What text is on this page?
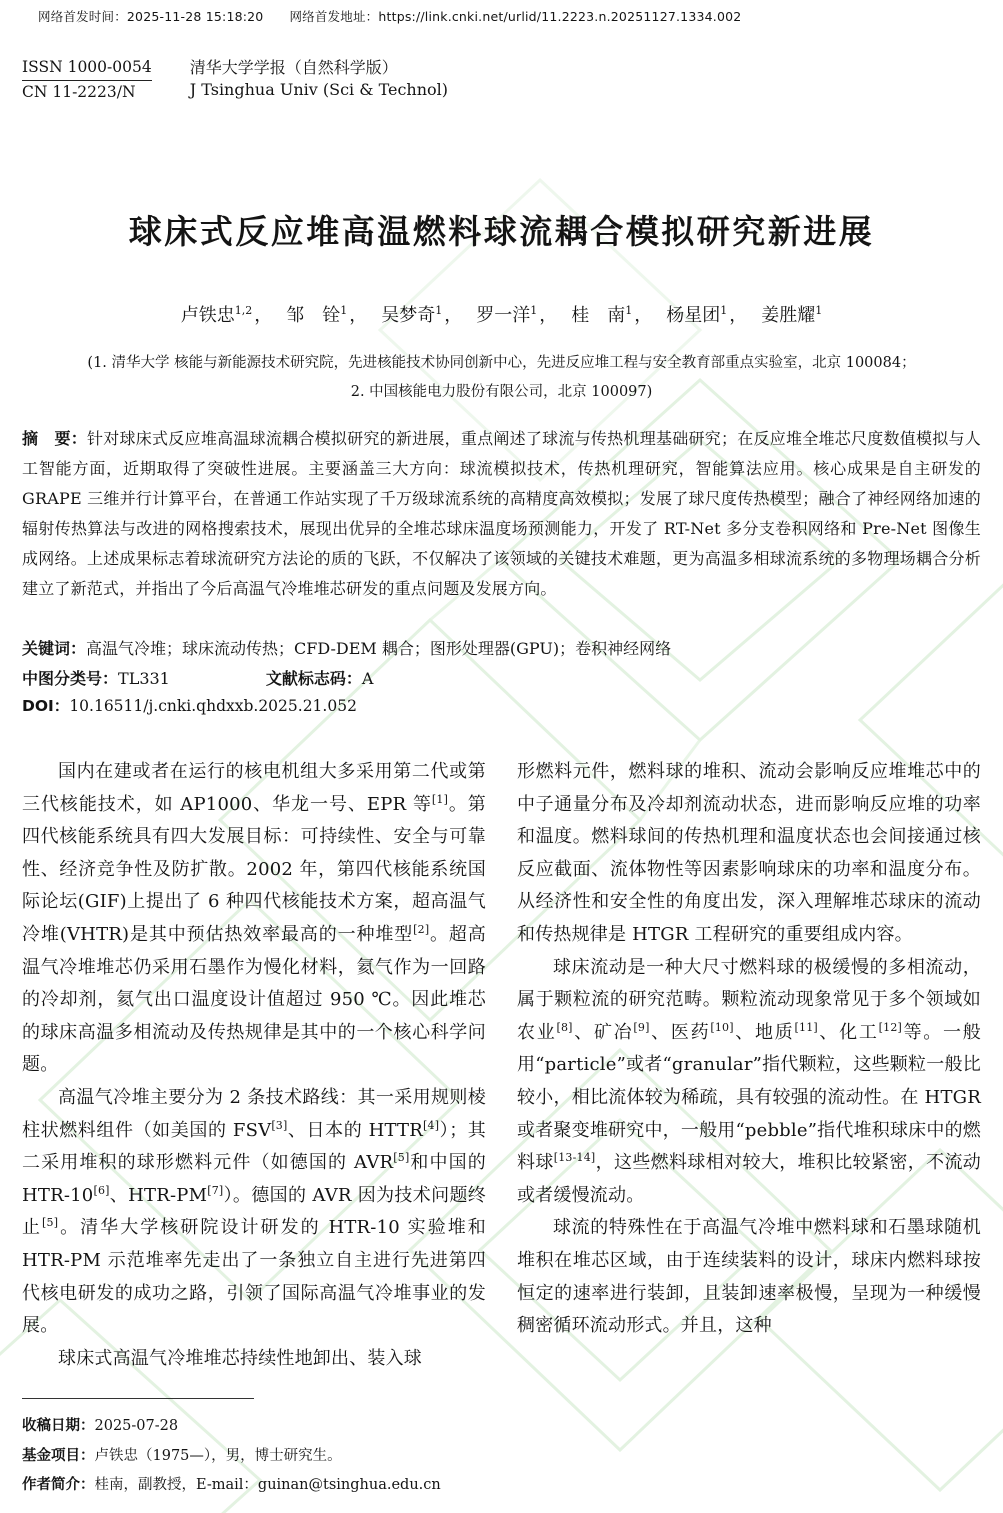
网络首发时间：2025-11-28 15:18:20 网络首发地址：https://link.cnki.net/urlid/11.2223.n.20251127.1334.002
ISSN 1000-0054
CN 11-2223/N
清华大学学报（自然科学版）
J Tsinghua Univ (Sci & Technol)
球床式反应堆高温燃料球流耦合模拟研究新进展
卢铁忠$^{1,2}$ ， 邹　铨$^1$ ， 吴梦奇$^1$ ， 罗一洋$^1$ ， 桂　南$^1$ ， 杨星团$^1$ ， 姜胜耀$^1$
(1. 清华大学 核能与新能源技术研究院，先进核能技术协同创新中心，先进反应堆工程与安全教育部重点实验室，北京 100084；
2. 中国核能电力股份有限公司，北京 100097)
摘　要：针对球床式反应堆高温球流耦合模拟研究的新进展，重点阐述了球流与传热机理基础研究；在反应堆全堆芯尺度数值模拟与人工智能方面，近期取得了突破性进展。主要涵盖三大方向：球流模拟技术，传热机理研究，智能算法应用。核心成果是自主研发的 GRAPE 三维并行计算平台，在普通工作站实现了千万级球流系统的高精度高效模拟；发展了球尺度传热模型；融合了神经网络加速的辐射传热算法与改进的网格搜索技术，展现出优异的全堆芯球床温度场预测能力，开发了 RT-Net 多分支卷积网络和 Pre-Net 图像生成网络。上述成果标志着球流研究方法论的质的飞跃，不仅解决了该领域的关键技术难题，更为高温多相球流系统的多物理场耦合分析建立了新范式，并指出了今后高温气冷堆堆芯研发的重点问题及发展方向。
关键词：高温气冷堆；球床流动传热；CFD-DEM 耦合；图形处理器(GPU)；卷积神经网络
中图分类号：TL331	文献标志码：A
DOI：10.16511/j.cnki.qhdxxb.2025.21.052

国内在建或者在运行的核电机组大多采用第二代或第三代核能技术，如 AP1000、华龙一号、EPR 等[1]。第四代核能系统具有四大发展目标：可持续性、安全与可靠性、经济竞争性及防扩散。2002 年，第四代核能系统国际论坛(GIF)上提出了 6 种四代核能技术方案，超高温气冷堆(VHTR)是其中预估热效率最高的一种堆型[2]。超高温气冷堆堆芯仍采用石墨作为慢化材料，氦气作为一回路的冷却剂，氦气出口温度设计值超过 950 ℃。因此堆芯的球床高温多相流动及传热规律是其中的一个核心科学问题。

高温气冷堆主要分为 2 条技术路线：其一采用规则棱柱状燃料组件（如美国的 FSV[3]、日本的 HTTR[4]）；其二采用堆积的球形燃料元件（如德国的 AVR[5]和中国的 HTR-10[6]、HTR-PM[7]）。德国的 AVR 因为技术问题终止[5]。清华大学核研院设计研发的 HTR-10 实验堆和 HTR-PM 示范堆率先走出了一条独立自主进行先进第四代核电研发的成功之路，引领了国际高温气冷堆事业的发展。

球床式高温气冷堆堆芯持续性地卸出、装入球

形燃料元件，燃料球的堆积、流动会影响反应堆堆芯中的中子通量分布及冷却剂流动状态，进而影响反应堆的功率和温度。燃料球间的传热机理和温度状态也会间接通过核反应截面、流体物性等因素影响球床的功率和温度分布。从经济性和安全性的角度出发，深入理解堆芯球床的流动和传热规律是 HTGR 工程研究的重要组成内容。

球床流动是一种大尺寸燃料球的极缓慢的多相流动，属于颗粒流的研究范畴。颗粒流动现象常见于多个领域如农业[8]、矿冶[9]、医药[10]、地质[11]、化工[12]等。一般用“particle”或者“granular”指代颗粒，这些颗粒一般比较小，相比流体较为稀疏，具有较强的流动性。在 HTGR 或者聚变堆研究中，一般用“pebble”指代堆积球床中的燃料球[13-14]，这些燃料球相对较大，堆积比较紧密，不流动或者缓慢流动。

球流的特殊性在于高温气冷堆中燃料球和石墨球随机堆积在堆芯区域，由于连续装料的设计，球床内燃料球按恒定的速率进行装卸，且装卸速率极慢，呈现为一种缓慢稠密循环流动形式。并且，这种

收稿日期：2025-07-28
基金项目：卢铁忠（1975—），男，博士研究生。
作者简介：桂南，副教授，E-mail：guinan@tsinghua.edu.cn
